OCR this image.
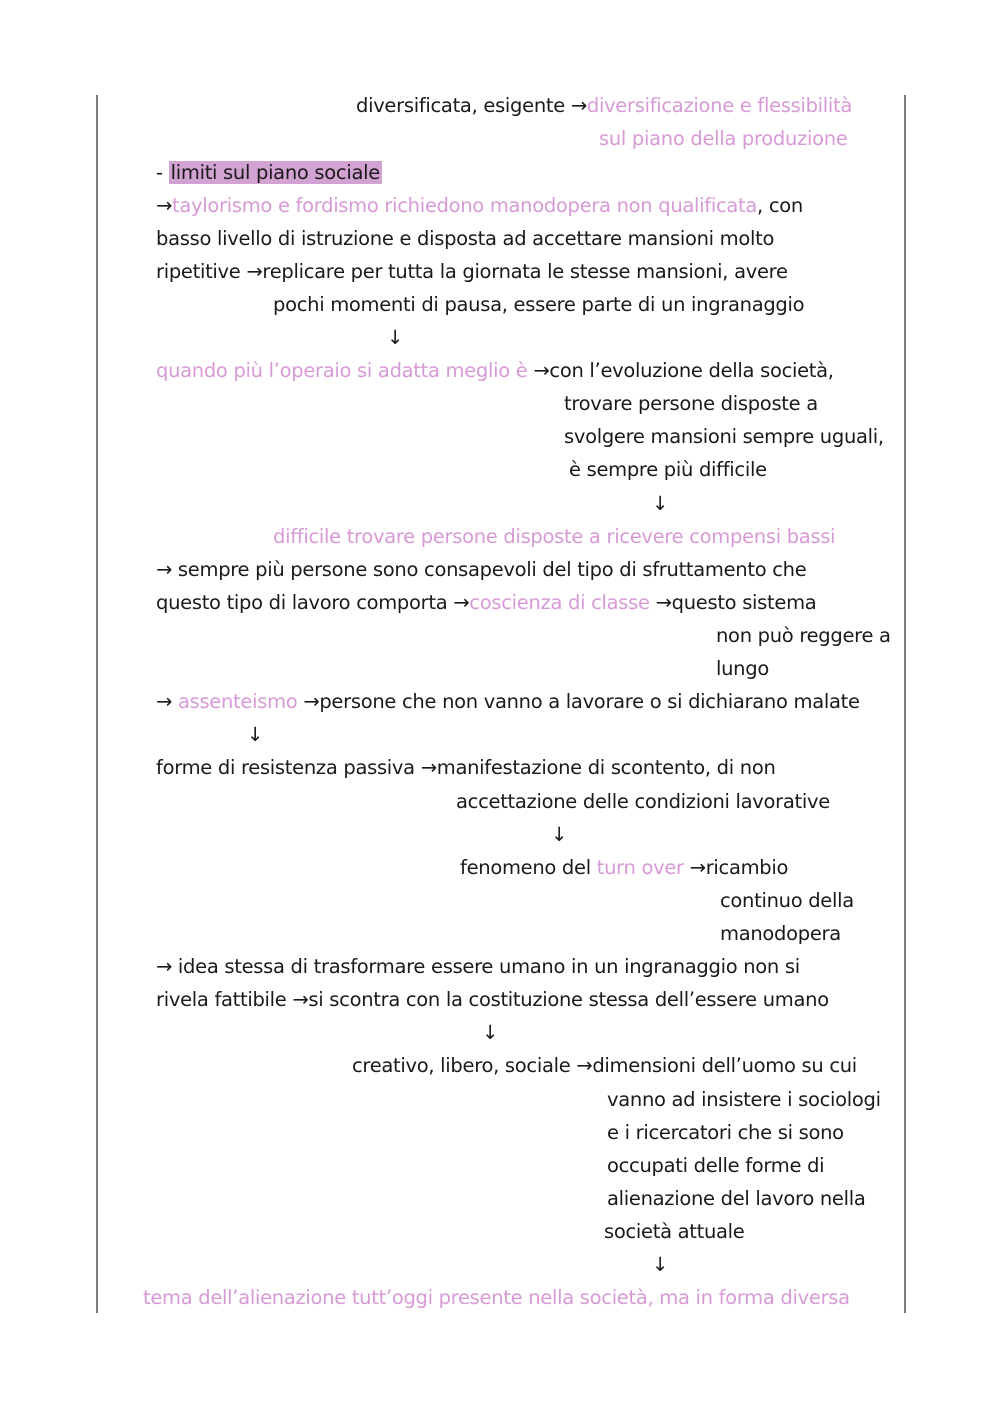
diversificata, esigente →diversificazione e flessibilità
sul piano della produzione
- limiti sul piano sociale
→taylorismo e fordismo richiedono manodopera non qualificata, con
basso livello di istruzione e disposta ad accettare mansioni molto
ripetitive →replicare per tutta la giornata le stesse mansioni, avere
pochi momenti di pausa, essere parte di un ingranaggio
↓
quando più l’operaio si adatta meglio è →con l’evoluzione della società,
trovare persone disposte a
svolgere mansioni sempre uguali,
è sempre più difficile
↓
difficile trovare persone disposte a ricevere compensi bassi
→ sempre più persone sono consapevoli del tipo di sfruttamento che
questo tipo di lavoro comporta →coscienza di classe →questo sistema
non può reggere a
lungo
→ assenteismo →persone che non vanno a lavorare o si dichiarano malate
↓
forme di resistenza passiva →manifestazione di scontento, di non
accettazione delle condizioni lavorative
↓
fenomeno del turn over →ricambio
continuo della
manodopera
→ idea stessa di trasformare essere umano in un ingranaggio non si
rivela fattibile →si scontra con la costituzione stessa dell’essere umano
↓
creativo, libero, sociale →dimensioni dell’uomo su cui
vanno ad insistere i sociologi
e i ricercatori che si sono
occupati delle forme di
alienazione del lavoro nella
società attuale
↓
tema dell’alienazione tutt’oggi presente nella società, ma in forma diversa
